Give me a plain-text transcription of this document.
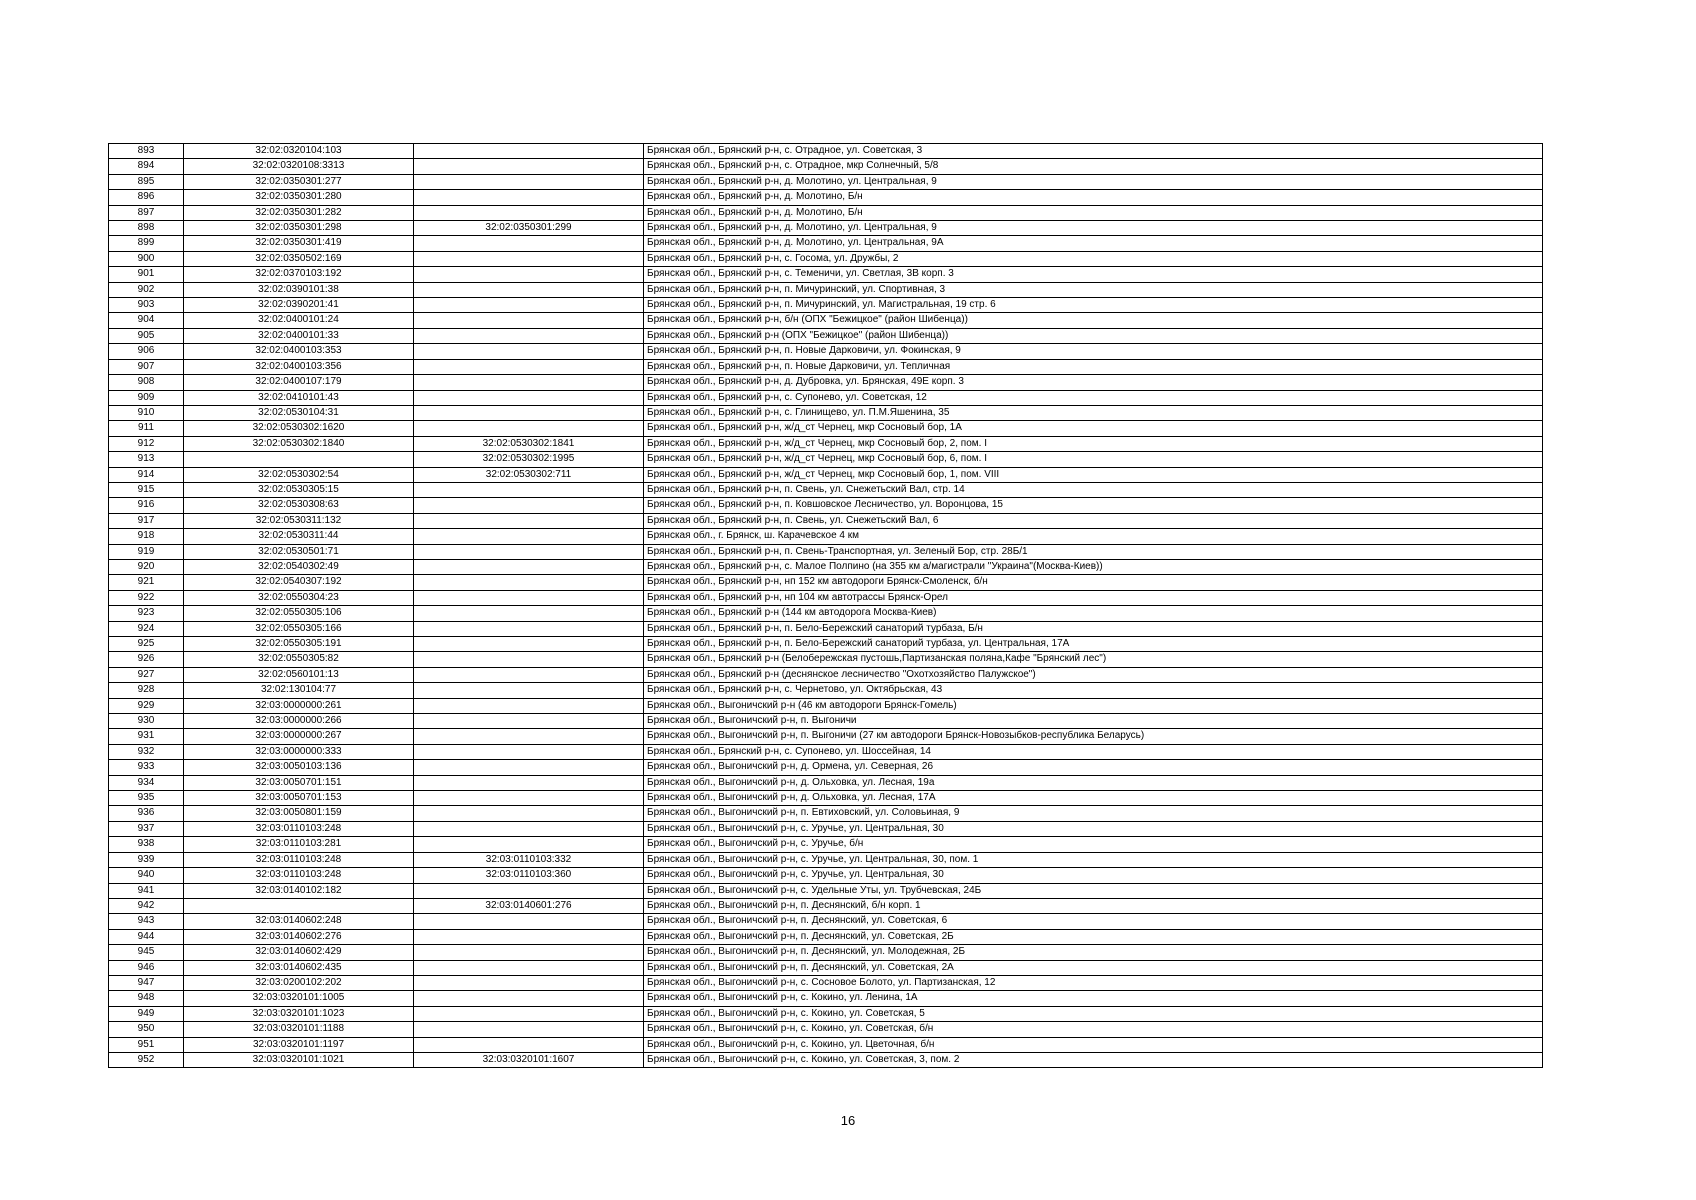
893	32:02:0320104:103		Брянская обл., Брянский р-н, с. Отрадное, ул. Советская, 3
894	32:02:0320108:3313		Брянская обл., Брянский р-н, с. Отрадное, мкр Солнечный, 5/8
895	32:02:0350301:277		Брянская обл., Брянский р-н, д. Молотино, ул. Центральная, 9
896	32:02:0350301:280		Брянская обл., Брянский р-н, д. Молотино, Б/н
897	32:02:0350301:282		Брянская обл., Брянский р-н, д. Молотино, Б/н
898	32:02:0350301:298	32:02:0350301:299	Брянская обл., Брянский р-н, д. Молотино, ул. Центральная, 9
899	32:02:0350301:419		Брянская обл., Брянский р-н, д. Молотино, ул. Центральная, 9А
900	32:02:0350502:169		Брянская обл., Брянский р-н, с. Госома, ул. Дружбы, 2
901	32:02:0370103:192		Брянская обл., Брянский р-н, с. Теменичи, ул. Светлая, 3В корп. 3
902	32:02:0390101:38		Брянская обл., Брянский р-н, п. Мичуринский, ул. Спортивная, 3
903	32:02:0390201:41		Брянская обл., Брянский р-н, п. Мичуринский, ул. Магистральная, 19 стр. 6
904	32:02:0400101:24		Брянская обл., Брянский р-н, б/н (ОПХ "Бежицкое" (район Шибенца))
905	32:02:0400101:33		Брянская обл., Брянский р-н (ОПХ "Бежицкое" (район Шибенца))
906	32:02:0400103:353		Брянская обл., Брянский р-н, п. Новые Дарковичи, ул. Фокинская, 9
907	32:02:0400103:356		Брянская обл., Брянский р-н, п. Новые Дарковичи, ул. Тепличная
908	32:02:0400107:179		Брянская обл., Брянский р-н, д. Дубровка, ул. Брянская, 49Е корп. 3
909	32:02:0410101:43		Брянская обл., Брянский р-н, с. Супонево, ул. Советская, 12
910	32:02:0530104:31		Брянская обл., Брянский р-н, с. Глинищево, ул. П.М.Яшенина, 35
911	32:02:0530302:1620		Брянская обл., Брянский р-н, ж/д_ст Чернец, мкр Сосновый бор, 1А
912	32:02:0530302:1840	32:02:0530302:1841	Брянская обл., Брянский р-н, ж/д_ст Чернец, мкр Сосновый бор, 2, пом. I
913		32:02:0530302:1995	Брянская обл., Брянский р-н, ж/д_ст Чернец, мкр Сосновый бор, 6, пом. I
914	32:02:0530302:54	32:02:0530302:711	Брянская обл., Брянский р-н, ж/д_ст Чернец, мкр Сосновый бор, 1, пом. VIII
915	32:02:0530305:15		Брянская обл., Брянский р-н, п. Свень, ул. Снежетьский Вал, стр. 14
916	32:02:0530308:63		Брянская обл., Брянский р-н, п. Ковшовское Лесничество, ул. Воронцова, 15
917	32:02:0530311:132		Брянская обл., Брянский р-н, п. Свень, ул. Снежетьский Вал, 6
918	32:02:0530311:44		Брянская обл., г. Брянск, ш. Карачевское 4 км
919	32:02:0530501:71		Брянская обл., Брянский р-н, п. Свень-Транспортная, ул. Зеленый Бор, стр. 28Б/1
920	32:02:0540302:49		Брянская обл., Брянский р-н, с. Малое Полпино (на 355 км а/магистрали "Украина"(Москва-Киев))
921	32:02:0540307:192		Брянская обл., Брянский р-н, нп 152 км автодороги Брянск-Смоленск, б/н
922	32:02:0550304:23		Брянская обл., Брянский р-н, нп 104 км автотрассы Брянск-Орел
923	32:02:0550305:106		Брянская обл., Брянский р-н (144 км автодорога Москва-Киев)
924	32:02:0550305:166		Брянская обл., Брянский р-н, п. Бело-Бережский санаторий турбаза, Б/н
925	32:02:0550305:191		Брянская обл., Брянский р-н, п. Бело-Бережский санаторий турбаза, ул. Центральная, 17А
926	32:02:0550305:82		Брянская обл., Брянский р-н (Белобережская пустошь,Партизанская поляна,Кафе "Брянский лес")
927	32:02:0560101:13		Брянская обл., Брянский р-н (деснянское лесничество "Охотхозяйство Палужское")
928	32:02:130104:77		Брянская обл., Брянский р-н, с. Чернетово, ул. Октябрьская, 43
929	32:03:0000000:261		Брянская обл., Выгоничский р-н (46 км автодороги Брянск-Гомель)
930	32:03:0000000:266		Брянская обл., Выгоничский р-н, п. Выгоничи
931	32:03:0000000:267		Брянская обл., Выгоничский р-н, п. Выгоничи (27 км автодороги Брянск-Новозыбков-республика Беларусь)
932	32:03:0000000:333		Брянская обл., Брянский р-н, с. Супонево, ул. Шоссейная, 14
933	32:03:0050103:136		Брянская обл., Выгоничский р-н, д. Ормена, ул. Северная, 26
934	32:03:0050701:151		Брянская обл., Выгоничский р-н, д. Ольховка, ул. Лесная, 19а
935	32:03:0050701:153		Брянская обл., Выгоничский р-н, д. Ольховка, ул. Лесная, 17А
936	32:03:0050801:159		Брянская обл., Выгоничский р-н, п. Евтиховский, ул. Соловьиная, 9
937	32:03:0110103:248		Брянская обл., Выгоничский р-н, с. Уручье, ул. Центральная, 30
938	32:03:0110103:281		Брянская обл., Выгоничский р-н, с. Уручье, б/н
939	32:03:0110103:248	32:03:0110103:332	Брянская обл., Выгоничский р-н, с. Уручье, ул. Центральная, 30, пом. 1
940	32:03:0110103:248	32:03:0110103:360	Брянская обл., Выгоничский р-н, с. Уручье, ул. Центральная, 30
941	32:03:0140102:182		Брянская обл., Выгоничский р-н, с. Удельные Уты, ул. Трубчевская, 24Б
942		32:03:0140601:276	Брянская обл., Выгоничский р-н, п. Деснянский, б/н корп. 1
943	32:03:0140602:248		Брянская обл., Выгоничский р-н, п. Деснянский, ул. Советская, 6
944	32:03:0140602:276		Брянская обл., Выгоничский р-н, п. Деснянский, ул. Советская, 2Б
945	32:03:0140602:429		Брянская обл., Выгоничский р-н, п. Деснянский, ул. Молодежная, 2Б
946	32:03:0140602:435		Брянская обл., Выгоничский р-н, п. Деснянский, ул. Советская, 2А
947	32:03:0200102:202		Брянская обл., Выгоничский р-н, с. Сосновое Болото, ул. Партизанская, 12
948	32:03:0320101:1005		Брянская обл., Выгоничский р-н, с. Кокино, ул. Ленина, 1А
949	32:03:0320101:1023		Брянская обл., Выгоничский р-н, с. Кокино, ул. Советская, 5
950	32:03:0320101:1188		Брянская обл., Выгоничский р-н, с. Кокино, ул. Советская, б/н
951	32:03:0320101:1197		Брянская обл., Выгоничский р-н, с. Кокино, ул. Цветочная, б/н
952	32:03:0320101:1021	32:03:0320101:1607	Брянская обл., Выгоничский р-н, с. Кокино, ул. Советская, 3, пом. 2
16
